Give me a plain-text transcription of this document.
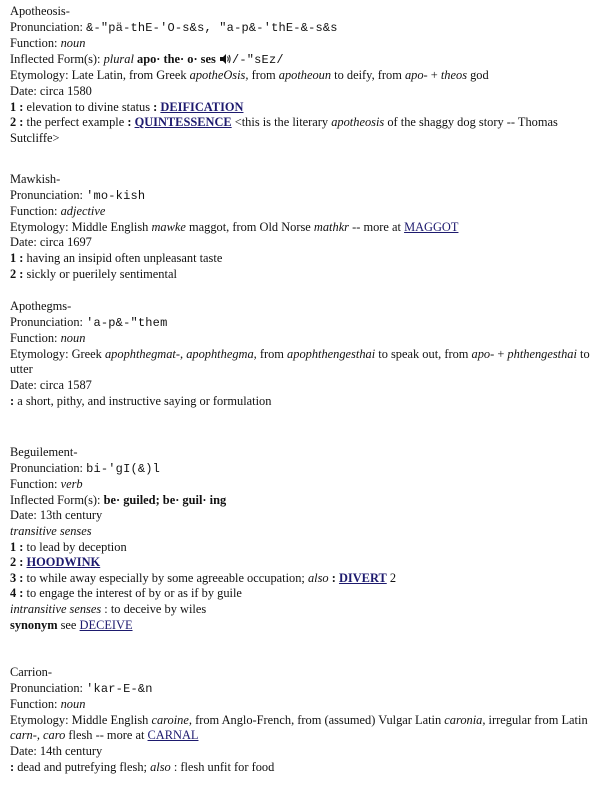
Apotheosis-
Pronunciation: &-"pä-thE-'O-s&s, "a-p&-'thE-&-s&s
Function: noun
Inflected Form(s): plural apo· the· o· ses /-"sEz/
Etymology: Late Latin, from Greek apotheOsis, from apotheoun to deify, from apo- + theos god
Date: circa 1580
1 : elevation to divine status : DEIFICATION
2 : the perfect example : QUINTESSENCE <this is the literary apotheosis of the shaggy dog story -- Thomas Sutcliffe>
Mawkish-
Pronunciation: 'mo-kish
Function: adjective
Etymology: Middle English mawke maggot, from Old Norse mathkr -- more at MAGGOT
Date: circa 1697
1 : having an insipid often unpleasant taste
2 : sickly or puerilely sentimental
Apothegms-
Pronunciation: 'a-p&-"them
Function: noun
Etymology: Greek apophthegmat-, apophthegma, from apophthengesthai to speak out, from apo- + phthengesthai to utter
Date: circa 1587
: a short, pithy, and instructive saying or formulation
Beguilement-
Pronunciation: bi-'gI(&)l
Function: verb
Inflected Form(s): be· guiled; be· guil· ing
Date: 13th century
transitive senses
1 : to lead by deception
2 : HOODWINK
3 : to while away especially by some agreeable occupation; also : DIVERT 2
4 : to engage the interest of by or as if by guile
intransitive senses : to deceive by wiles
synonym see DECEIVE
Carrion-
Pronunciation: 'kar-E-&n
Function: noun
Etymology: Middle English caroine, from Anglo-French, from (assumed) Vulgar Latin caronia, irregular from Latin carn-, caro flesh -- more at CARNAL
Date: 14th century
: dead and putrefying flesh; also : flesh unfit for food
